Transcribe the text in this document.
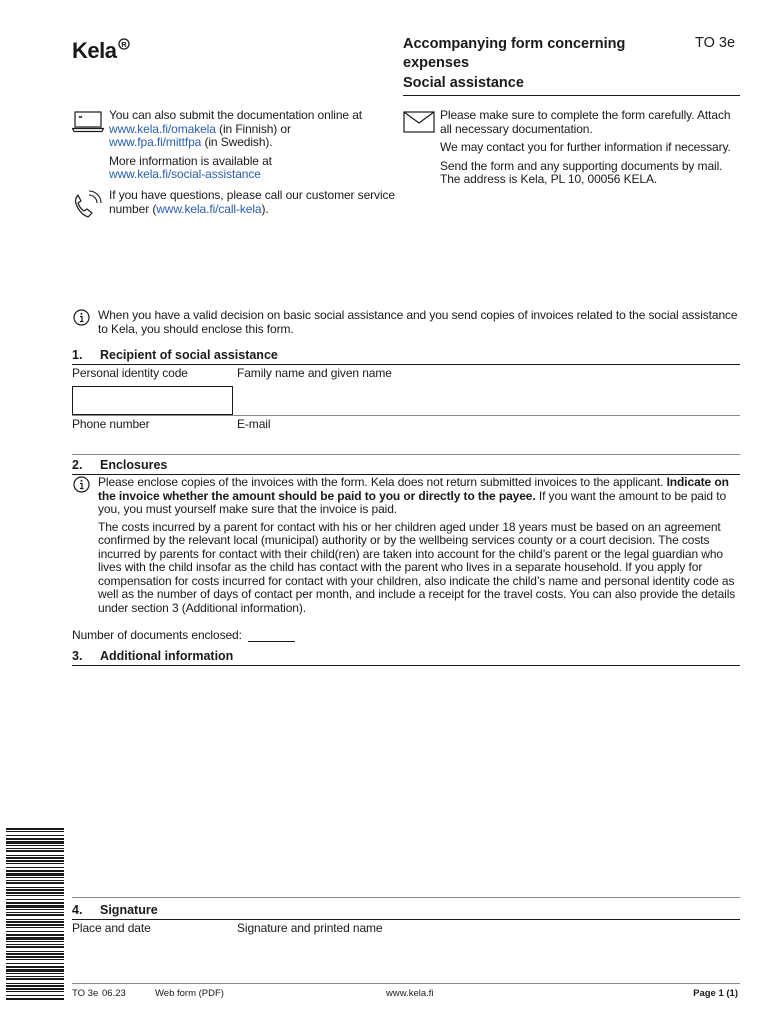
Kela R	Accompanying form concerning
expenses
Social assistance
TO 3e

You can also submit the documentation online at

www.kela.fi/omakela (in Finnish) or

www.fpa.fi/mittfpa (in Swedish).

More information is available at

www.kela.fi/social-assistance

If you have questions, please call our customer service

number (www.kela.fi/call-kela).

Please make sure to complete the form carefully. Attach

all necessary documentation.

We may contact you for further information if necessary.

Send the form and any supporting documents by mail.

The address is Kela, PL 10, 00056 KELA.

When you have a valid decision on basic social assistance and you send copies of invoices related to the social assistance

to Kela, you should enclose this form.

1. Recipient of social assistance
Personal identity code	Family name and given name
Phone number	E-mail
2. Enclosures

Please enclose copies of the invoices with the form. Kela does not return submitted invoices to the applicant. Indicate on

the invoice whether the amount should be paid to you or directly to the payee. If you want the amount to be paid to

you, you must yourself make sure that the invoice is paid.

The costs incurred by a parent for contact with his or her children aged under 18 years must be based on an agreement

confirmed by the relevant local (municipal) authority or by the wellbeing services county or a court decision. The costs

incurred by parents for contact with their child(ren) are taken into account for the child’s parent or the legal guardian who

lives with the child insofar as the child has contact with the parent who lives in a separate household. If you apply for

compensation for costs incurred for contact with your children, also indicate the child’s name and personal identity code as

well as the number of days of contact per month, and include a receipt for the travel costs. You can also provide the details

under section 3 (Additional information).

Number of documents enclosed:
3. Additional information
4. Signature
Place and date	Signature and printed name
TO 3e 06.23	Web form (PDF)	www.kela.fi	Page 1 (1)
